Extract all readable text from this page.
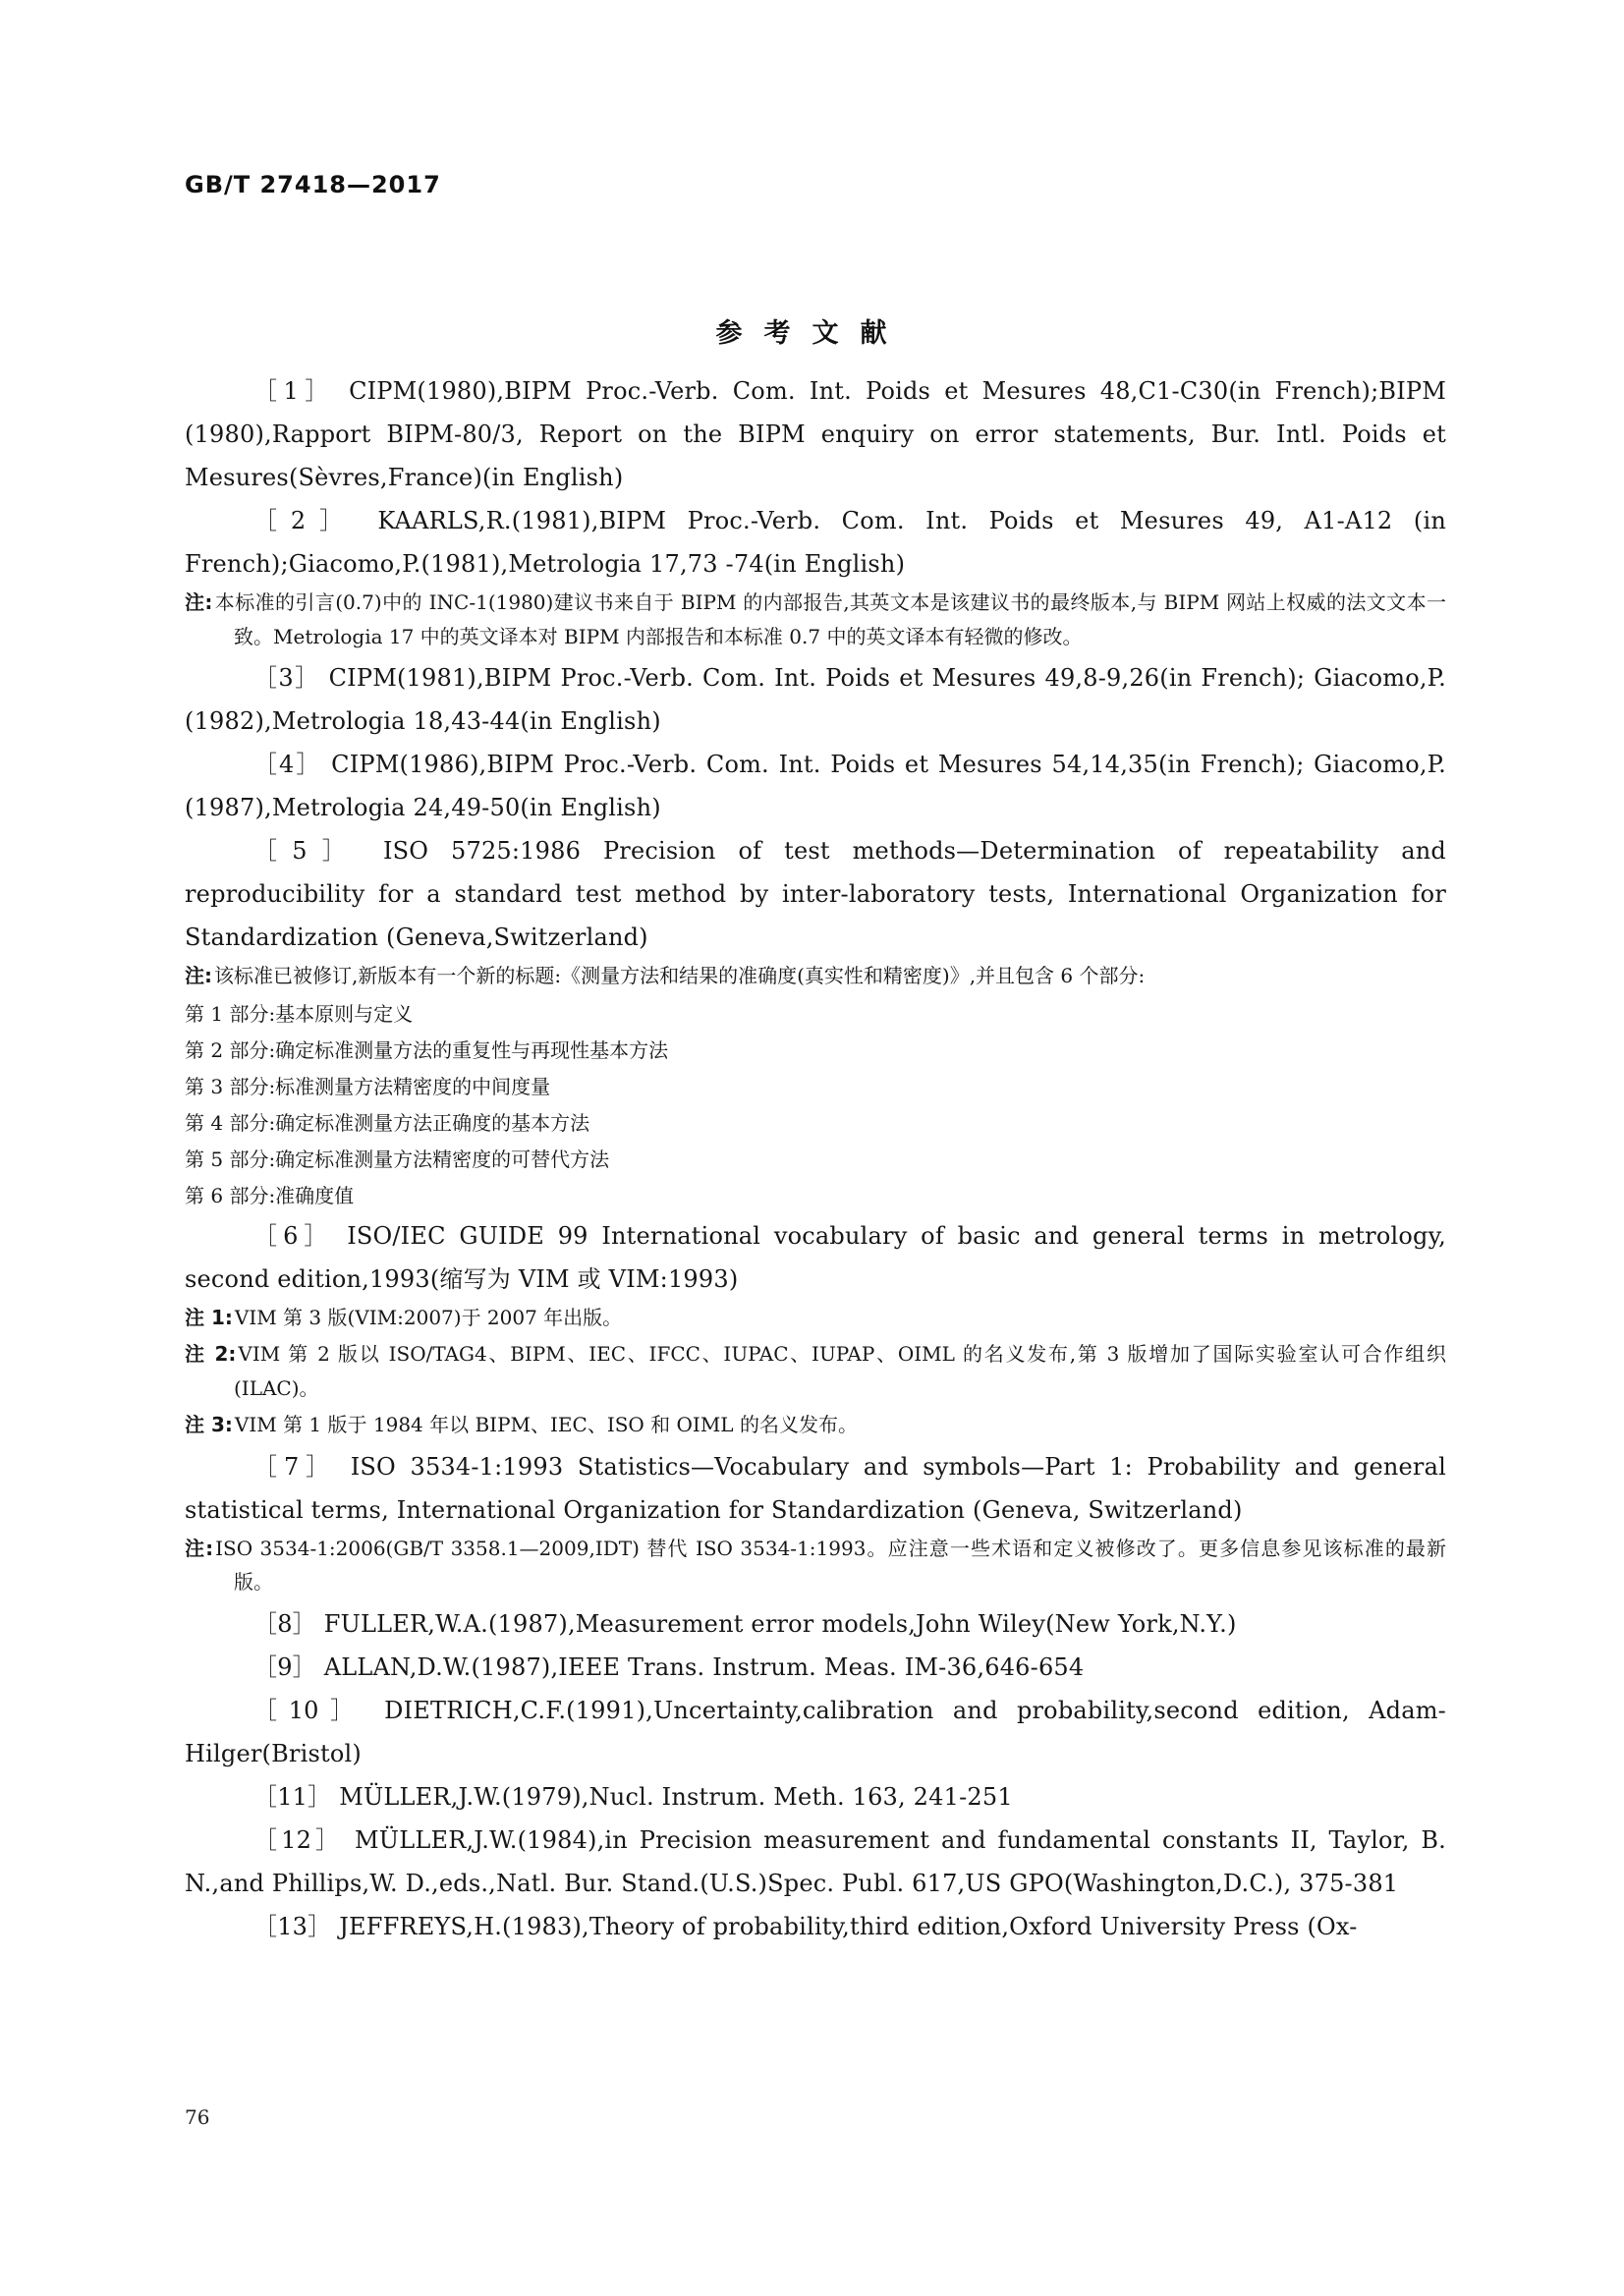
GB/T 27418—2017
参考文献

［1］ CIPM(1980),BIPM Proc.-Verb. Com. Int. Poids et Mesures 48,C1-C30(in French);BIPM (1980),Rapport BIPM-80/3, Report on the BIPM enquiry on error statements, Bur. Intl. Poids et Mesures(Sèvres,France)(in English)

［2］ KAARLS,R.(1981),BIPM Proc.-Verb. Com. Int. Poids et Mesures 49, A1-A12 (in French);Giacomo,P.(1981),Metrologia 17,73 -74(in English)

注: 本标准的引言(0.7)中的 INC-1(1980)建议书来自于 BIPM 的内部报告,其英文本是该建议书的最终版本,与 BIPM 网站上权威的法文文本一致。Metrologia 17 中的英文译本对 BIPM 内部报告和本标准 0.7 中的英文译本有轻微的修改。

［3］ CIPM(1981),BIPM Proc.-Verb. Com. Int. Poids et Mesures 49,8-9,26(in French); Giacomo,P.(1982),Metrologia 18,43-44(in English)

［4］ CIPM(1986),BIPM Proc.-Verb. Com. Int. Poids et Mesures 54,14,35(in French); Giacomo,P.(1987),Metrologia 24,49-50(in English)

［5］ ISO 5725:1986 Precision of test methods—Determination of repeatability and reproducibility for a standard test method by inter-laboratory tests, International Organization for Standardization (Geneva,Switzerland)

注: 该标准已被修订,新版本有一个新的标题:《测量方法和结果的准确度(真实性和精密度)》,并且包含 6 个部分:

第 1 部分:基本原则与定义

第 2 部分:确定标准测量方法的重复性与再现性基本方法

第 3 部分:标准测量方法精密度的中间度量

第 4 部分:确定标准测量方法正确度的基本方法

第 5 部分:确定标准测量方法精密度的可替代方法

第 6 部分:准确度值

［6］ ISO/IEC GUIDE 99 International vocabulary of basic and general terms in metrology, second edition,1993(缩写为 VIM 或 VIM:1993)

注 1: VIM 第 3 版(VIM:2007)于 2007 年出版。

注 2: VIM 第 2 版以 ISO/TAG4、BIPM、IEC、IFCC、IUPAC、IUPAP、OIML 的名义发布,第 3 版增加了国际实验室认可合作组织(ILAC)。

注 3: VIM 第 1 版于 1984 年以 BIPM、IEC、ISO 和 OIML 的名义发布。

［7］ ISO 3534-1:1993 Statistics—Vocabulary and symbols—Part 1: Probability and general statistical terms, International Organization for Standardization (Geneva, Switzerland)

注: ISO 3534-1:2006(GB/T 3358.1—2009,IDT) 替代 ISO 3534-1:1993。应注意一些术语和定义被修改了。更多信息参见该标准的最新版。

［8］ FULLER,W.A.(1987),Measurement error models,John Wiley(New York,N.Y.)

［9］ ALLAN,D.W.(1987),IEEE Trans. Instrum. Meas. IM-36,646-654

［10］ DIETRICH,C.F.(1991),Uncertainty,calibration and probability,second edition, Adam-Hilger(Bristol)

［11］ MÜLLER,J.W.(1979),Nucl. Instrum. Meth. 163, 241-251

［12］ MÜLLER,J.W.(1984),in Precision measurement and fundamental constants II, Taylor, B. N.,and Phillips,W. D.,eds.,Natl. Bur. Stand.(U.S.)Spec. Publ. 617,US GPO(Washington,D.C.), 375-381

［13］ JEFFREYS,H.(1983),Theory of probability,third edition,Oxford University Press (Ox-

76
